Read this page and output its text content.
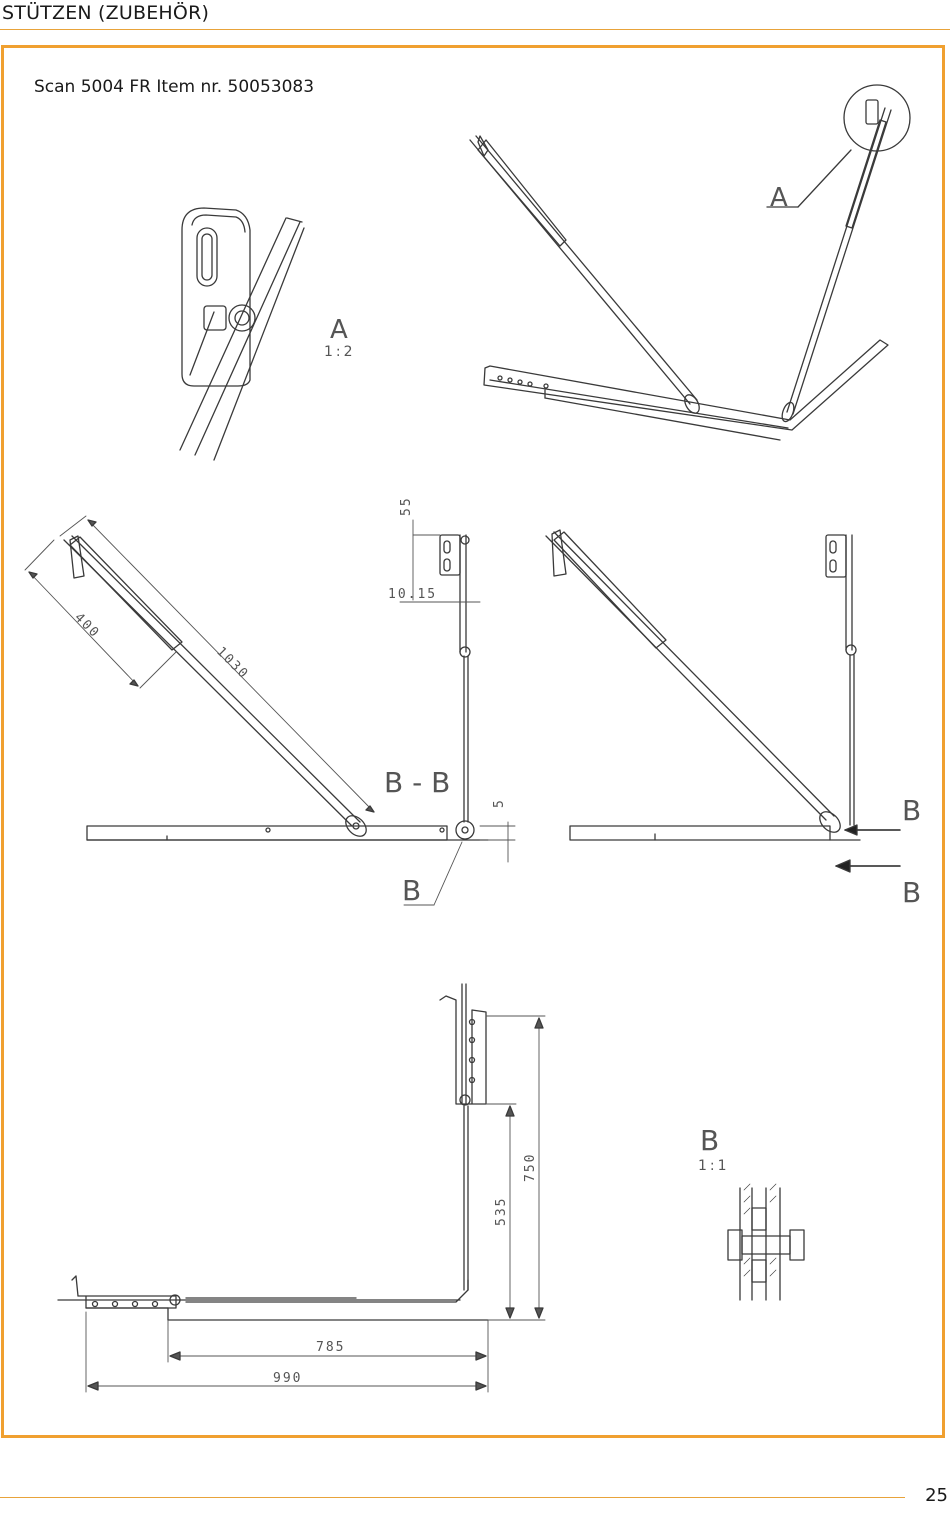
STÜTZEN (ZUBEHÖR)
Scan 5004 FR Item nr. 50053083
A
1:2
A
400
1030
55
10.15
5
B - B
B
B
B
535
750
785
990
B
1:1
25
